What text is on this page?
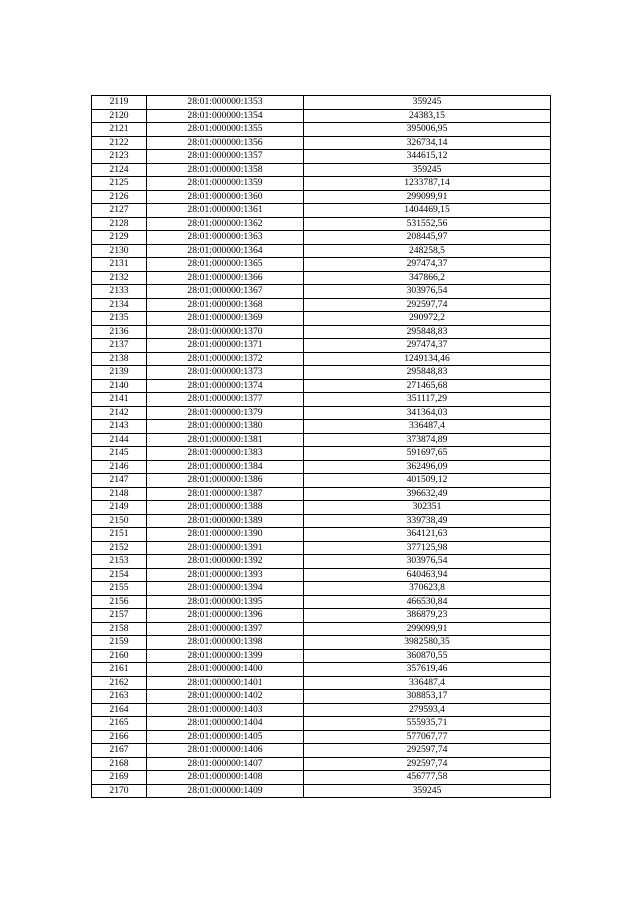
2119	28:01:000000:1353	359245
2120	28:01:000000:1354	24383,15
2121	28:01:000000:1355	395006,95
2122	28:01:000000:1356	326734,14
2123	28:01:000000:1357	344615,12
2124	28:01:000000:1358	359245
2125	28:01:000000:1359	1233787,14
2126	28:01:000000:1360	299099,91
2127	28:01:000000:1361	1404469,15
2128	28:01:000000:1362	531552,56
2129	28:01:000000:1363	208445,97
2130	28:01:000000:1364	248258,5
2131	28:01:000000:1365	297474,37
2132	28:01:000000:1366	347866,2
2133	28:01:000000:1367	303976,54
2134	28:01:000000:1368	292597,74
2135	28:01:000000:1369	290972,2
2136	28:01:000000:1370	295848,83
2137	28:01:000000:1371	297474,37
2138	28:01:000000:1372	1249134,46
2139	28:01:000000:1373	295848,83
2140	28:01:000000:1374	271465,68
2141	28:01:000000:1377	351117,29
2142	28:01:000000:1379	341364,03
2143	28:01:000000:1380	336487,4
2144	28:01:000000:1381	373874,89
2145	28:01:000000:1383	591697,65
2146	28:01:000000:1384	362496,09
2147	28:01:000000:1386	401509,12
2148	28:01:000000:1387	396632,49
2149	28:01:000000:1388	302351
2150	28:01:000000:1389	339738,49
2151	28:01:000000:1390	364121,63
2152	28:01:000000:1391	377125,98
2153	28:01:000000:1392	303976,54
2154	28:01:000000:1393	640463,94
2155	28:01:000000:1394	370623,8
2156	28:01:000000:1395	466530,84
2157	28:01:000000:1396	386879,23
2158	28:01:000000:1397	299099,91
2159	28:01:000000:1398	3982580,35
2160	28:01:000000:1399	360870,55
2161	28:01:000000:1400	357619,46
2162	28:01:000000:1401	336487,4
2163	28:01:000000:1402	308853,17
2164	28:01:000000:1403	279593,4
2165	28:01:000000:1404	555935,71
2166	28:01:000000:1405	577067,77
2167	28:01:000000:1406	292597,74
2168	28:01:000000:1407	292597,74
2169	28:01:000000:1408	456777,58
2170	28:01:000000:1409	359245
